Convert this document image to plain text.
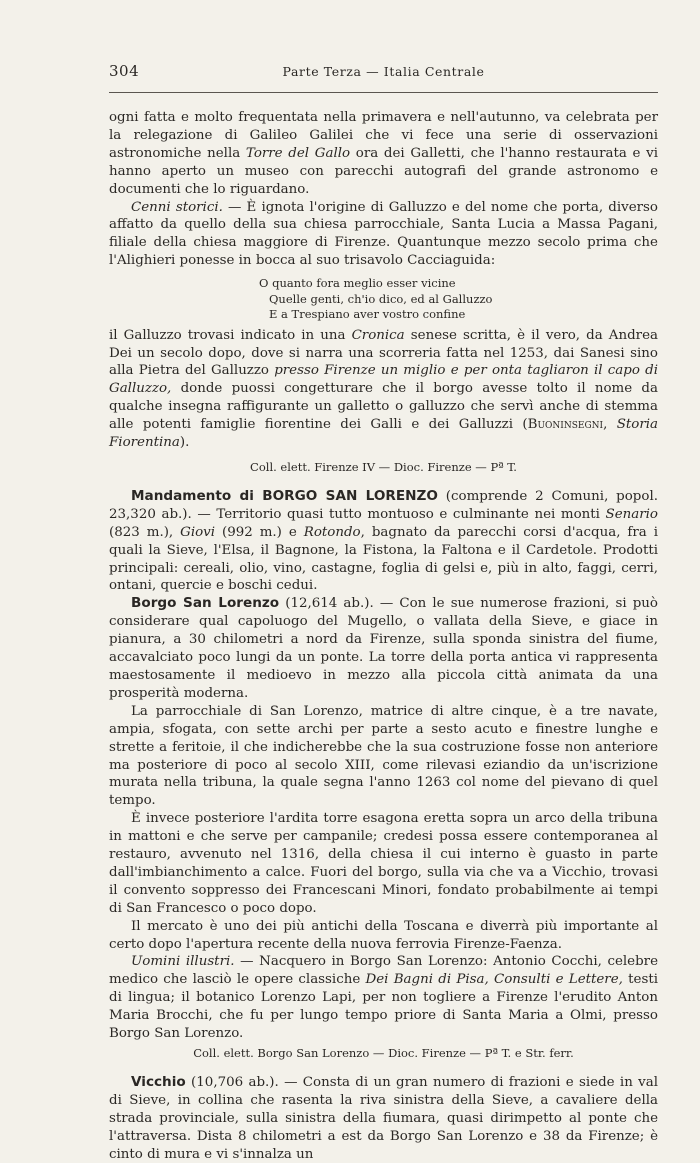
304	Parte Terza — Italia Centrale

ogni fatta e molto frequentata nella primavera e nell'autunno, va celebrata per la relegazione di Galileo Galilei che vi fece una serie di osservazioni astronomiche nella Torre del Gallo ora dei Galletti, che l'hanno restaurata e vi hanno aperto un museo con parecchi autografi del grande astronomo e documenti che lo riguardano.

Cenni storici. — È ignota l'origine di Galluzzo e del nome che porta, diverso affatto da quello della sua chiesa parrocchiale, Santa Lucia a Massa Pagani, filiale della chiesa maggiore di Firenze. Quantunque mezzo secolo prima che l'Alighieri ponesse in bocca al suo trisavolo Cacciaguida:

O quanto fora meglio esser vicine
Quelle genti, ch'io dico, ed al Galluzzo
E a Trespiano aver vostro confine

il Galluzzo trovasi indicato in una Cronica senese scritta, è il vero, da Andrea Dei un secolo dopo, dove si narra una scorreria fatta nel 1253, dai Sanesi sino alla Pietra del Galluzzo presso Firenze un miglio e per onta tagliaron il capo di Galluzzo, donde puossi congetturare che il borgo avesse tolto il nome da qualche insegna raffigurante un galletto o galluzzo che servì anche di stemma alle potenti famiglie fiorentine dei Galli e dei Galluzzi (Buoninsegni, Storia Fiorentina).

Coll. elett. Firenze IV — Dioc. Firenze — Pª T.

Mandamento di BORGO SAN LORENZO (comprende 2 Comuni, popol. 23,320 ab.). — Territorio quasi tutto montuoso e culminante nei monti Senario (823 m.), Giovi (992 m.) e Rotondo, bagnato da parecchi corsi d'acqua, fra i quali la Sieve, l'Elsa, il Bagnone, la Fistona, la Faltona e il Cardetole. Prodotti principali: cereali, olio, vino, castagne, foglia di gelsi e, più in alto, faggi, cerri, ontani, quercie e boschi cedui.

Borgo San Lorenzo (12,614 ab.). — Con le sue numerose frazioni, si può considerare qual capoluogo del Mugello, o vallata della Sieve, e giace in pianura, a 30 chilometri a nord da Firenze, sulla sponda sinistra del fiume, accavalciato poco lungi da un ponte. La torre della porta antica vi rappresenta maestosamente il medioevo in mezzo alla piccola città animata da una prosperità moderna.

La parrocchiale di San Lorenzo, matrice di altre cinque, è a tre navate, ampia, sfogata, con sette archi per parte a sesto acuto e finestre lunghe e strette a feritoie, il che indicherebbe che la sua costruzione fosse non anteriore ma posteriore di poco al secolo XIII, come rilevasi eziandio da un'iscrizione murata nella tribuna, la quale segna l'anno 1263 col nome del pievano di quel tempo.

È invece posteriore l'ardita torre esagona eretta sopra un arco della tribuna in mattoni e che serve per campanile; credesi possa essere contemporanea al restauro, avvenuto nel 1316, della chiesa il cui interno è guasto in parte dall'imbianchimento a calce. Fuori del borgo, sulla via che va a Vicchio, trovasi il convento soppresso dei Francescani Minori, fondato probabilmente ai tempi di San Francesco o poco dopo.

Il mercato è uno dei più antichi della Toscana e diverrà più importante al certo dopo l'apertura recente della nuova ferrovia Firenze-Faenza.

Uomini illustri. — Nacquero in Borgo San Lorenzo: Antonio Cocchi, celebre medico che lasciò le opere classiche Dei Bagni di Pisa, Consulti e Lettere, testi di lingua; il botanico Lorenzo Lapi, per non togliere a Firenze l'erudito Anton Maria Brocchi, che fu per lungo tempo priore di Santa Maria a Olmi, presso Borgo San Lorenzo.

Coll. elett. Borgo San Lorenzo — Dioc. Firenze — Pª T. e Str. ferr.

Vicchio (10,706 ab.). — Consta di un gran numero di frazioni e siede in val di Sieve, in collina che rasenta la riva sinistra della Sieve, a cavaliere della strada provinciale, sulla sinistra della fiumara, quasi dirimpetto al ponte che l'attraversa. Dista 8 chilometri a est da Borgo San Lorenzo e 38 da Firenze; è cinto di mura e vi s'innalza un
